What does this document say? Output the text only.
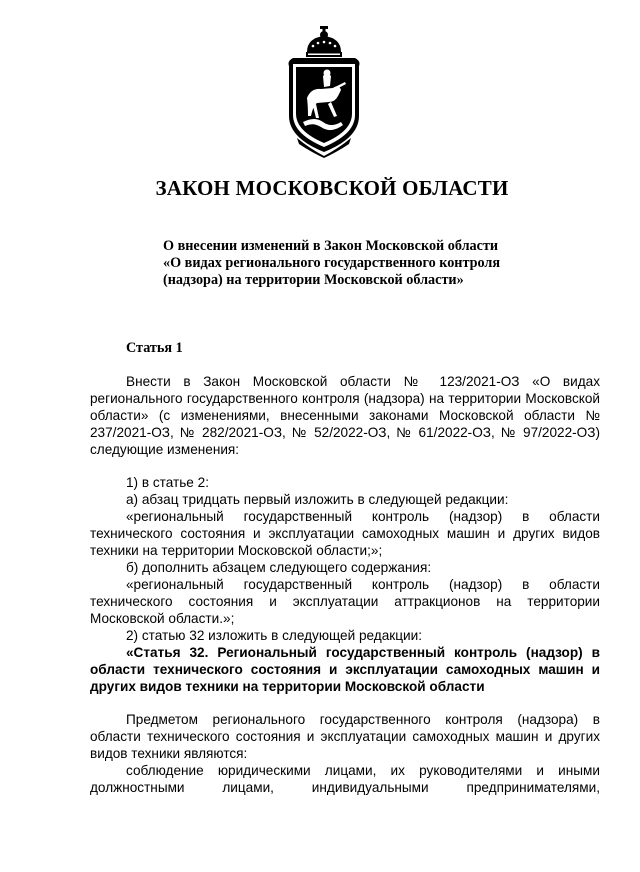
ЗАКОН МОСКОВСКОЙ ОБЛАСТИ
О внесении изменений в Закон Московской области
«О видах регионального государственного контроля
(надзора) на территории Московской области»
Статья 1
Внести в Закон Московской области № 123/2021-ОЗ «О видах регионального государственного контроля (надзора) на территории Московской области» (с изменениями, внесенными законами Московской области № 237/2021-ОЗ, № 282/2021-ОЗ, № 52/2022-ОЗ, № 61/2022-ОЗ, № 97/2022-ОЗ) следующие изменения:
1) в статье 2:
а) абзац тридцать первый изложить в следующей редакции:
«региональный государственный контроль (надзор) в области технического состояния и эксплуатации самоходных машин и других видов техники на территории Московской области;»;
б) дополнить абзацем следующего содержания:
«региональный государственный контроль (надзор) в области технического состояния и эксплуатации аттракционов на территории Московской области.»;
2) статью 32 изложить в следующей редакции:
«Статья 32. Региональный государственный контроль (надзор) в области технического состояния и эксплуатации самоходных машин и других видов техники на территории Московской области
Предметом регионального государственного контроля (надзора) в области технического состояния и эксплуатации самоходных машин и других видов техники являются:
соблюдение юридическими лицами, их руководителями и иными должностными лицами, индивидуальными предпринимателями,
